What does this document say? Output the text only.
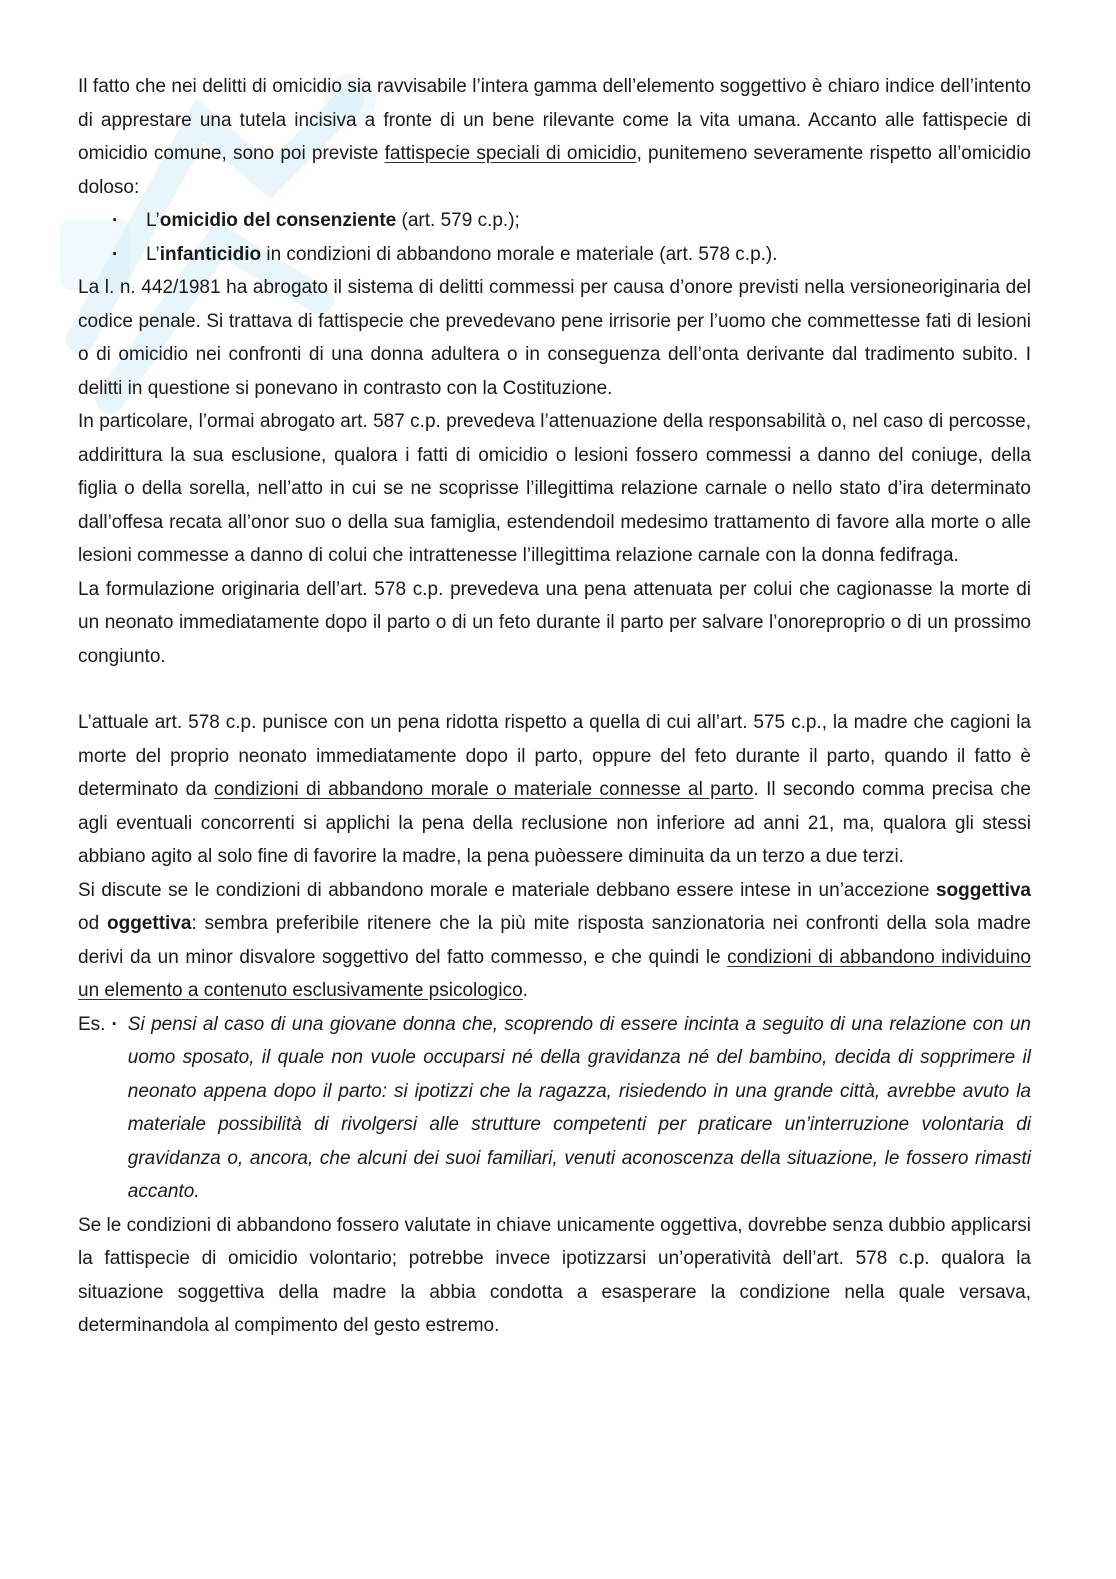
Il fatto che nei delitti di omicidio sia ravvisabile l’intera gamma dell’elemento soggettivo è chiaro indice dell’intento di apprestare una tutela incisiva a fronte di un bene rilevante come la vita umana. Accanto alle fattispecie di omicidio comune, sono poi previste fattispecie speciali di omicidio, punitemeno severamente rispetto all’omicidio doloso:

· L’omicidio del consenziente (art. 579 c.p.);
· L’infanticidio in condizioni di abbandono morale e materiale (art. 578 c.p.).

La l. n. 442/1981 ha abrogato il sistema di delitti commessi per causa d’onore previsti nella versioneoriginaria del codice penale. Si trattava di fattispecie che prevedevano pene irrisorie per l’uomo che commettesse fati di lesioni o di omicidio nei confronti di una donna adultera o in conseguenza dell’onta derivante dal tradimento subito. I delitti in questione si ponevano in contrasto con la Costituzione.

In particolare, l’ormai abrogato art. 587 c.p. prevedeva l’attenuazione della responsabilità o, nel caso di percosse, addirittura la sua esclusione, qualora i fatti di omicidio o lesioni fossero commessi a danno del coniuge, della figlia o della sorella, nell’atto in cui se ne scoprisse l’illegittima relazione carnale o nello stato d’ira determinato dall’offesa recata all’onor suo o della sua famiglia, estendendoil medesimo trattamento di favore alla morte o alle lesioni commesse a danno di colui che intrattenesse l’illegittima relazione carnale con la donna fedifraga.

La formulazione originaria dell’art. 578 c.p. prevedeva una pena attenuata per colui che cagionasse la morte di un neonato immediatamente dopo il parto o di un feto durante il parto per salvare l’onoreproprio o di un prossimo congiunto.

L’attuale art. 578 c.p. punisce con un pena ridotta rispetto a quella di cui all’art. 575 c.p., la madre che cagioni la morte del proprio neonato immediatamente dopo il parto, oppure del feto durante il parto, quando il fatto è determinato da condizioni di abbandono morale o materiale connesse al parto. Il secondo comma precisa che agli eventuali concorrenti si applichi la pena della reclusione non inferiore ad anni 21, ma, qualora gli stessi abbiano agito al solo fine di favorire la madre, la pena puòessere diminuita da un terzo a due terzi.

Si discute se le condizioni di abbandono morale e materiale debbano essere intese in un’accezione soggettiva od oggettiva: sembra preferibile ritenere che la più mite risposta sanzionatoria nei confronti della sola madre derivi da un minor disvalore soggettivo del fatto commesso, e che quindi le condizioni di abbandono individuino un elemento a contenuto esclusivamente psicologico.

Es. · Si pensi al caso di una giovane donna che, scoprendo di essere incinta a seguito di una relazione con un uomo sposato, il quale non vuole occuparsi né della gravidanza né del bambino, decida di sopprimere il neonato appena dopo il parto: si ipotizzi che la ragazza, risiedendo in una grande città, avrebbe avuto la materiale possibilità di rivolgersi alle strutture competenti per praticare un’interruzione volontaria di gravidanza o, ancora, che alcuni dei suoi familiari, venuti aconoscenza della situazione, le fossero rimasti accanto.

Se le condizioni di abbandono fossero valutate in chiave unicamente oggettiva, dovrebbe senza dubbio applicarsi la fattispecie di omicidio volontario; potrebbe invece ipotizzarsi un’operatività dell’art. 578 c.p. qualora la situazione soggettiva della madre la abbia condotta a esasperare la condizione nella quale versava, determinandola al compimento del gesto estremo.
